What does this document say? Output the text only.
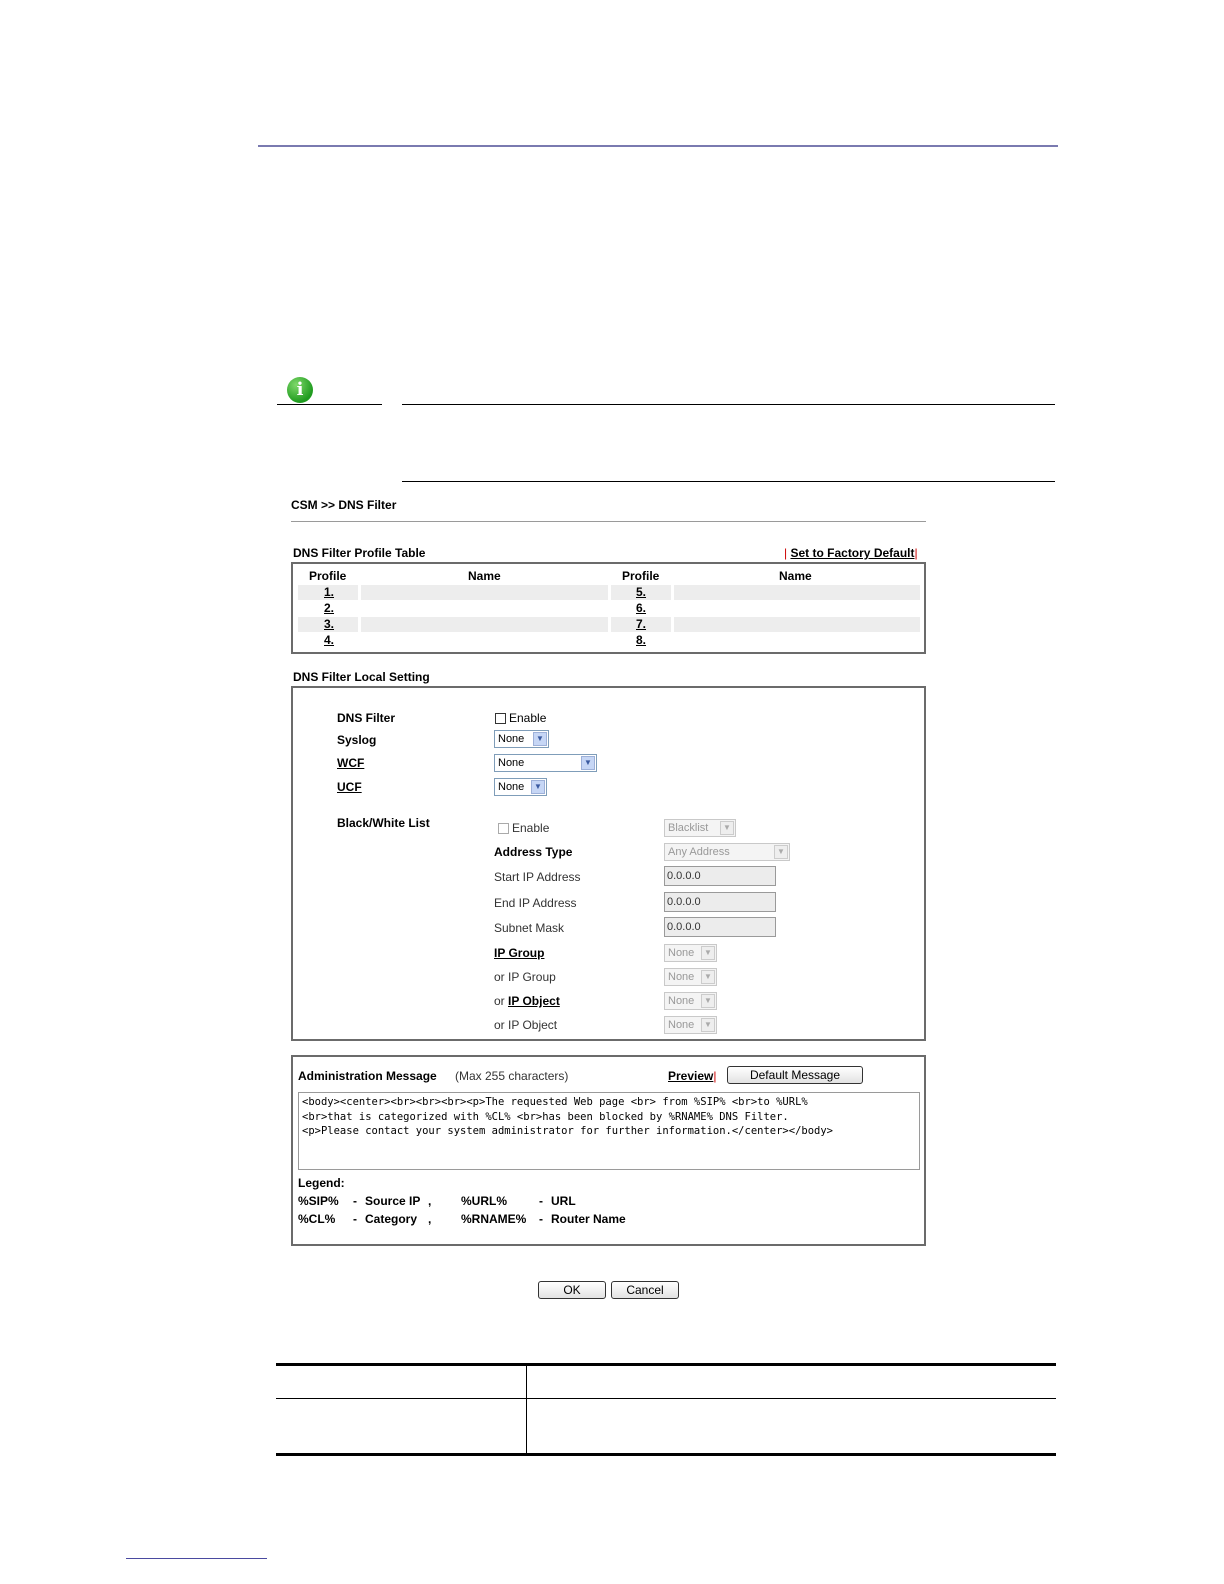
i
CSM >> DNS Filter
DNS Filter Profile Table	| Set to Factory Default|
Profile	Name	Profile	Name
1.	5.
2.	6.
3.	7.
4.	8.
DNS Filter Local Setting
DNS Filter	Enable
Syslog	None	▼
WCF	None	▼
UCF	None	▼
Black/White List	Enable	Blacklist	▼
Address Type	Any Address	▼
Start IP Address	0.0.0.0
End IP Address	0.0.0.0
Subnet Mask	0.0.0.0
IP Group	None	▼
or IP Group	None	▼
or IP Object	None	▼
or IP Object	None	▼
Administration Message (Max 255 characters)	Preview|	Default Message
<body><center><br><br><br><p>The requested Web page <br> from %SIP% <br>to %URL%
<br>that is categorized with %CL% <br>has been blocked by %RNAME% DNS Filter.
<p>Please contact your system administrator for further information.</center></body>
Legend:
%SIP% - Source IP , %URL%	- URL
%CL% - Category , %RNAME% - Router Name
OK	Cancel
